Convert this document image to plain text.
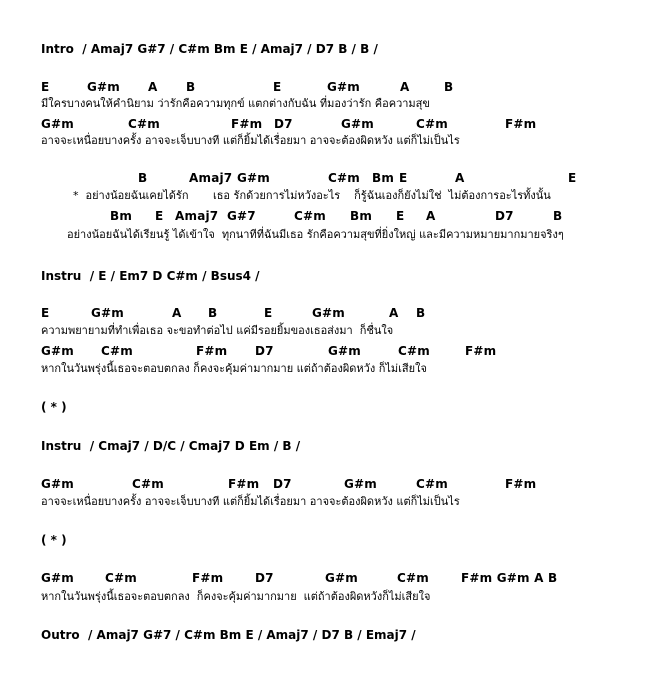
Intro  / Amaj7 G#7 / C#m Bm E / Amaj7 / D7 B / B /

E

	G#m

A

B

	E

	G#m

	A

	B

มีใครบางคนให้คำนิยาม ว่ารักคือความทุกข์ แตกต่างกับฉัน ที่มองว่ารัก คือความสุข

G#m

	C#m

	F#m

D7

	G#m

	C#m

	F#m

อาจจะเหนื่อยบางครั้ง อาจจะเจ็บบางที แต่ก็ยิ้มได้เรื่อยมา อาจจะต้องผิดหวัง แต่ก็ไม่เป็นไร

B

	Amaj7

G#m

	C#m

Bm

E

	A

	E

*  อย่างน้อยฉันเคยได้รัก       เธอ รักด้วยการไม่หวังอะไร    ก็รู้ฉันเองก็ยังไม่ใช่  ไม่ต้องการอะไรทั้งนั้น

Bm

E

Amaj7

G#7

	C#m

Bm

E

A

	D7

	B

อย่างน้อยฉันได้เรียนรู้ ได้เข้าใจ  ทุกนาทีที่ฉันมีเธอ รักคือความสุขที่ยิ่งใหญ่ และมีความหมายมากมายจริงๆ
Instru  / E / Em7 D C#m / Bsus4 /

E

	G#m

	A

B

	E

	G#m

	A

B

ความพยายามที่ทำเพื่อเธอ จะขอทำต่อไป แค่มีรอยยิ้มของเธอส่งมา  ก็ชื่นใจ

G#m

C#m

	F#m

D7

	G#m

	C#m

	F#m

หากในวันพรุ่งนี้เธอจะตอบตกลง ก็คงจะคุ้มค่ามากมาย แต่ถ้าต้องผิดหวัง ก็ไม่เสียใจ
( * )
Instru  / Cmaj7 / D/C / Cmaj7 D Em / B /

G#m

	C#m

	F#m

D7

	G#m

	C#m

	F#m

อาจจะเหนื่อยบางครั้ง อาจจะเจ็บบางที แต่ก็ยิ้มได้เรื่อยมา อาจจะต้องผิดหวัง แต่ก็ไม่เป็นไร
( * )

G#m

	C#m

	F#m

	D7

	G#m

	C#m

	F#m G#m A B

หากในวันพรุ่งนี้เธอจะตอบตกลง  ก็คงจะคุ้มค่ามากมาย  แต่ถ้าต้องผิดหวังก็ไม่เสียใจ
Outro  / Amaj7 G#7 / C#m Bm E / Amaj7 / D7 B / Emaj7 /
